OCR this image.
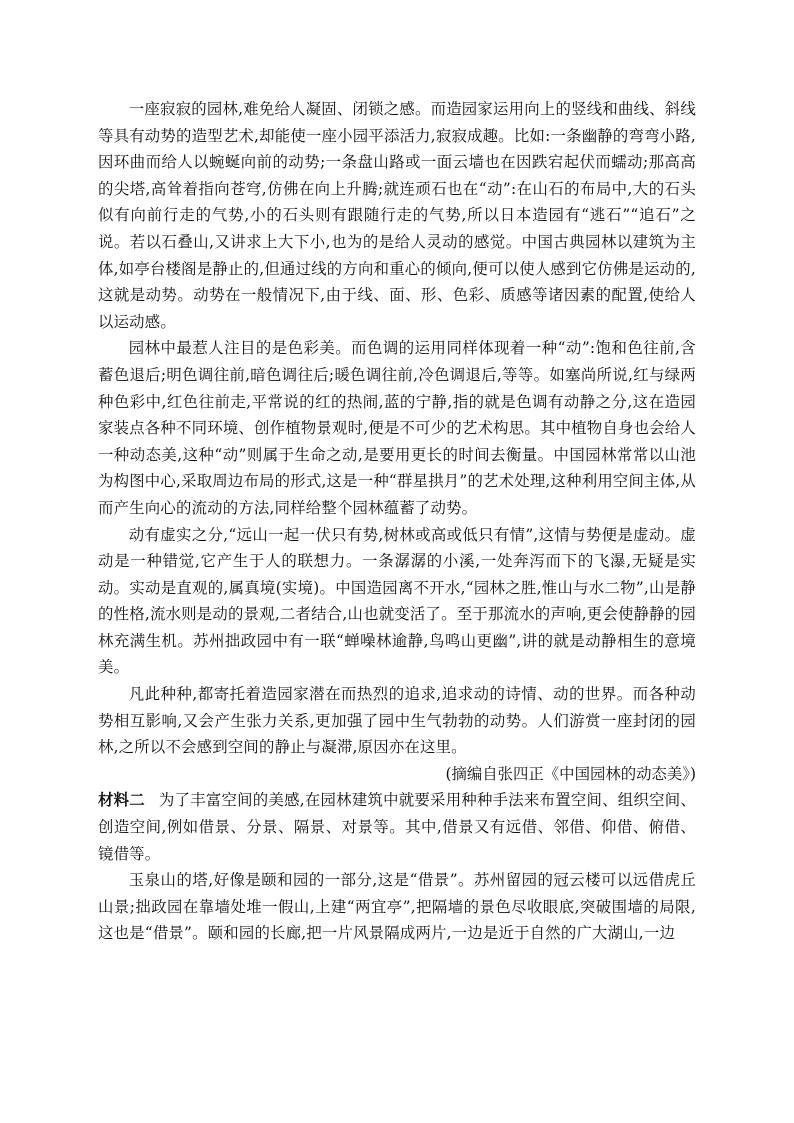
一座寂寂的园林,难免给人凝固、闭锁之感。而造园家运用向上的竖线和曲线、斜线等具有动势的造型艺术,却能使一座小园平添活力,寂寂成趣。比如:一条幽静的弯弯小路,因环曲而给人以蜿蜒向前的动势;一条盘山路或一面云墙也在因跌宕起伏而蠕动;那高高的尖塔,高耸着指向苍穹,仿佛在向上升腾;就连顽石也在“动”:在山石的布局中,大的石头似有向前行走的气势,小的石头则有跟随行走的气势,所以日本造园有“逃石”“追石”之说。若以石叠山,又讲求上大下小,也为的是给人灵动的感觉。中国古典园林以建筑为主体,如亭台楼阁是静止的,但通过线的方向和重心的倾向,便可以使人感到它仿佛是运动的,这就是动势。动势在一般情况下,由于线、面、形、色彩、质感等诸因素的配置,使给人以运动感。

园林中最惹人注目的是色彩美。而色调的运用同样体现着一种“动”:饱和色往前,含蓄色退后;明色调往前,暗色调往后;暖色调往前,冷色调退后,等等。如塞尚所说,红与绿两种色彩中,红色往前走,平常说的红的热闹,蓝的宁静,指的就是色调有动静之分,这在造园家装点各种不同环境、创作植物景观时,便是不可少的艺术构思。其中植物自身也会给人一种动态美,这种“动”则属于生命之动,是要用更长的时间去衡量。中国园林常常以山池为构图中心,采取周边布局的形式,这是一种“群星拱月”的艺术处理,这种利用空间主体,从而产生向心的流动的方法,同样给整个园林蕴蓄了动势。

动有虚实之分,“远山一起一伏只有势,树林或高或低只有情”,这情与势便是虚动。虚动是一种错觉,它产生于人的联想力。一条潺潺的小溪,一处奔泻而下的飞瀑,无疑是实动。实动是直观的,属真境(实境)。中国造园离不开水,“园林之胜,惟山与水二物”,山是静的性格,流水则是动的景观,二者结合,山也就变活了。至于那流水的声响,更会使静静的园林充满生机。苏州拙政园中有一联“蝉噪林逾静,鸟鸣山更幽”,讲的就是动静相生的意境美。

凡此种种,都寄托着造园家潜在而热烈的追求,追求动的诗情、动的世界。而各种动势相互影响,又会产生张力关系,更加强了园中生气勃勃的动势。人们游赏一座封闭的园林,之所以不会感到空间的静止与凝滞,原因亦在这里。

(摘编自张四正《中国园林的动态美》)

材料二 为了丰富空间的美感,在园林建筑中就要采用种种手法来布置空间、组织空间、创造空间,例如借景、分景、隔景、对景等。其中,借景又有远借、邻借、仰借、俯借、镜借等。

玉泉山的塔,好像是颐和园的一部分,这是“借景”。苏州留园的冠云楼可以远借虎丘山景;拙政园在靠墙处堆一假山,上建“两宜亭”,把隔墙的景色尽收眼底,突破围墙的局限,这也是“借景”。颐和园的长廊,把一片风景隔成两片,一边是近于自然的广大湖山,一边
